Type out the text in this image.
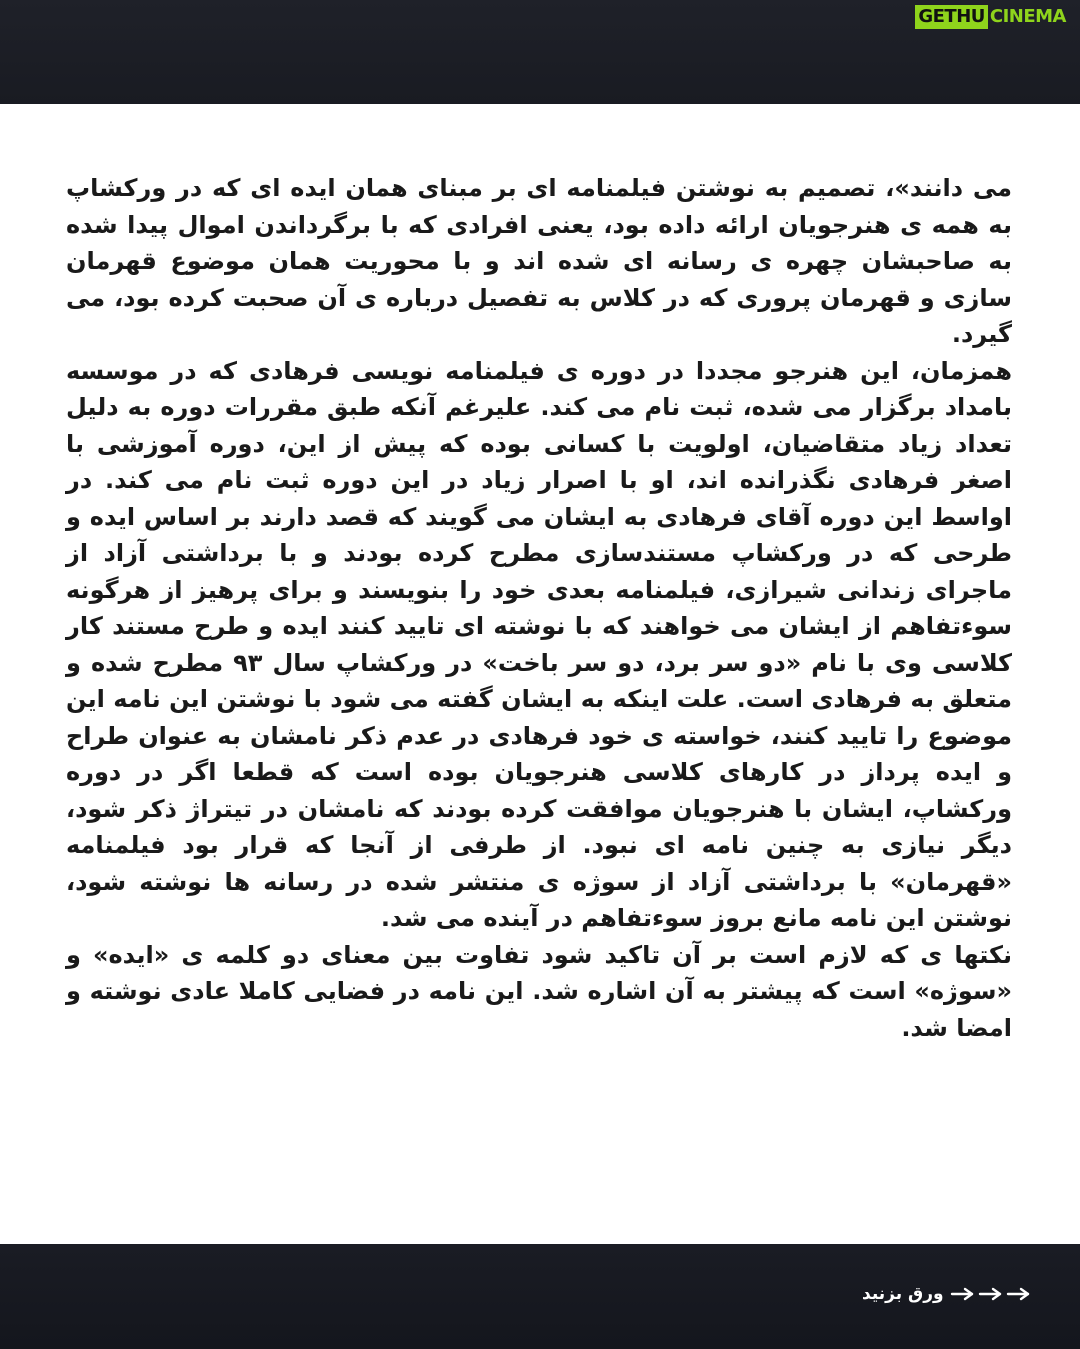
GETHU CINEMA

می دانند»، تصمیم به نوشتن فیلمنامه ای بر مبنای همان ایده ای که در ورکشاپ به همه ی هنرجویان ارائه داده بود، یعنی افرادی که با برگرداندن اموال پیدا شده به صاحبشان چهره ی رسانه ای شده اند و با محوریت همان موضوع قهرمان سازی و قهرمان پروری که در کلاس به تفصیل درباره ی آن صحبت کرده بود، می گیرد.

همزمان، این هنرجو مجددا در دوره ی فیلمنامه نویسی فرهادی که در موسسه بامداد برگزار می شده، ثبت نام می کند. علیرغم آنکه طبق مقررات دوره به دلیل تعداد زیاد متقاضیان، اولویت با کسانی بوده که پیش از این، دوره آموزشی با اصغر فرهادی نگذرانده اند، او با اصرار زیاد در این دوره ثبت نام می کند. در اواسط این دوره آقای فرهادی به ایشان می گویند که قصد دارند بر اساس ایده و طرحی که در ورکشاپ مستندسازی مطرح کرده بودند و با برداشتی آزاد از ماجرای زندانی شیرازی، فیلمنامه بعدی خود را بنویسند و برای پرهیز از هرگونه سوءتفاهم از ایشان می خواهند که با نوشته ای تایید کنند ایده و طرح مستند کار کلاسی وی با نام «دو سر برد، دو سر باخت» در ورکشاپ سال ۹۳ مطرح شده و متعلق به فرهادی است. علت اینکه به ایشان گفته می شود با نوشتن این نامه این موضوع را تایید کنند، خواسته ی خود فرهادی در عدم ذکر نامشان به عنوان طراح و ایده پرداز در کارهای کلاسی هنرجویان بوده است که قطعا اگر در دوره ورکشاپ، ایشان با هنرجویان موافقت کرده بودند که نامشان در تیتراژ ذکر شود، دیگر نیازی به چنین نامه ای نبود. از طرفی از آنجا که قرار بود فیلمنامه «قهرمان» با برداشتی آزاد از سوژه ی منتشر شده در رسانه ها نوشته شود، نوشتن این نامه مانع بروز سوءتفاهم در آینده می شد.

نکتها ی که لازم است بر آن تاکید شود تفاوت بین معنای دو کلمه ی «ایده» و «سوژه» است که پیشتر به آن اشاره شد. این نامه در فضایی کاملا عادی نوشته و امضا شد.

ورق بزنید
